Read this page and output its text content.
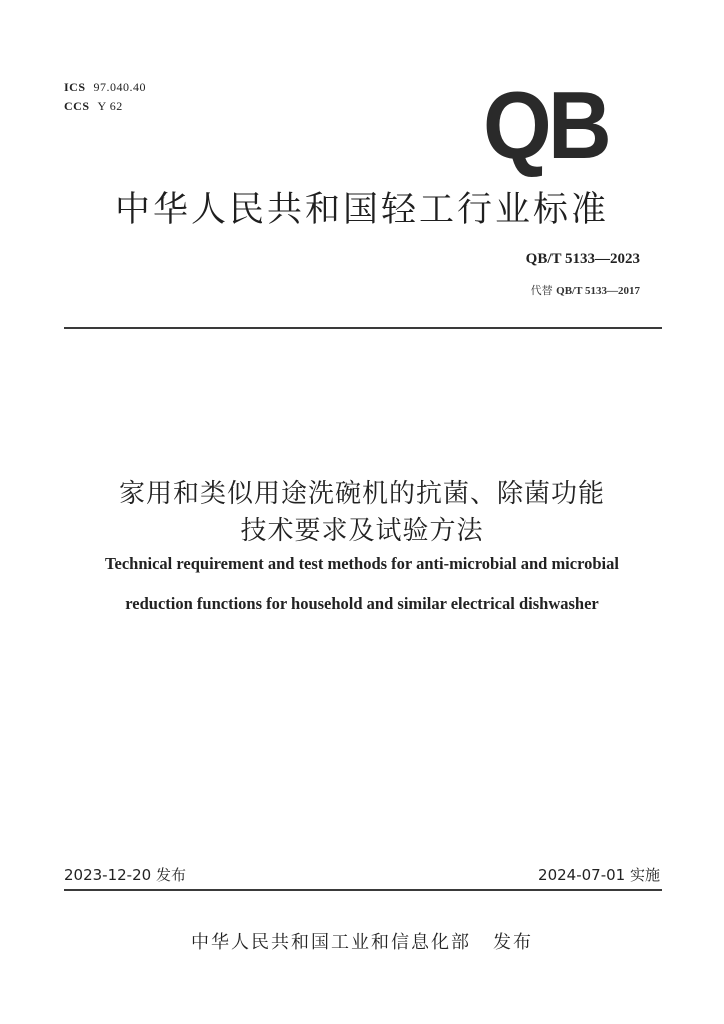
ICS 97.040.40
CCS Y 62	QB
中华人民共和国轻工行业标准
QB/T 5133—2023
代替 QB/T 5133—2017
家用和类似用途洗碗机的抗菌、除菌功能
技术要求及试验方法
Technical requirement and test methods for anti-microbial and microbial
reduction functions for household and similar electrical dishwasher
2023-12-20 发布	2024-07-01 实施
中华人民共和国工业和信息化部 发布
